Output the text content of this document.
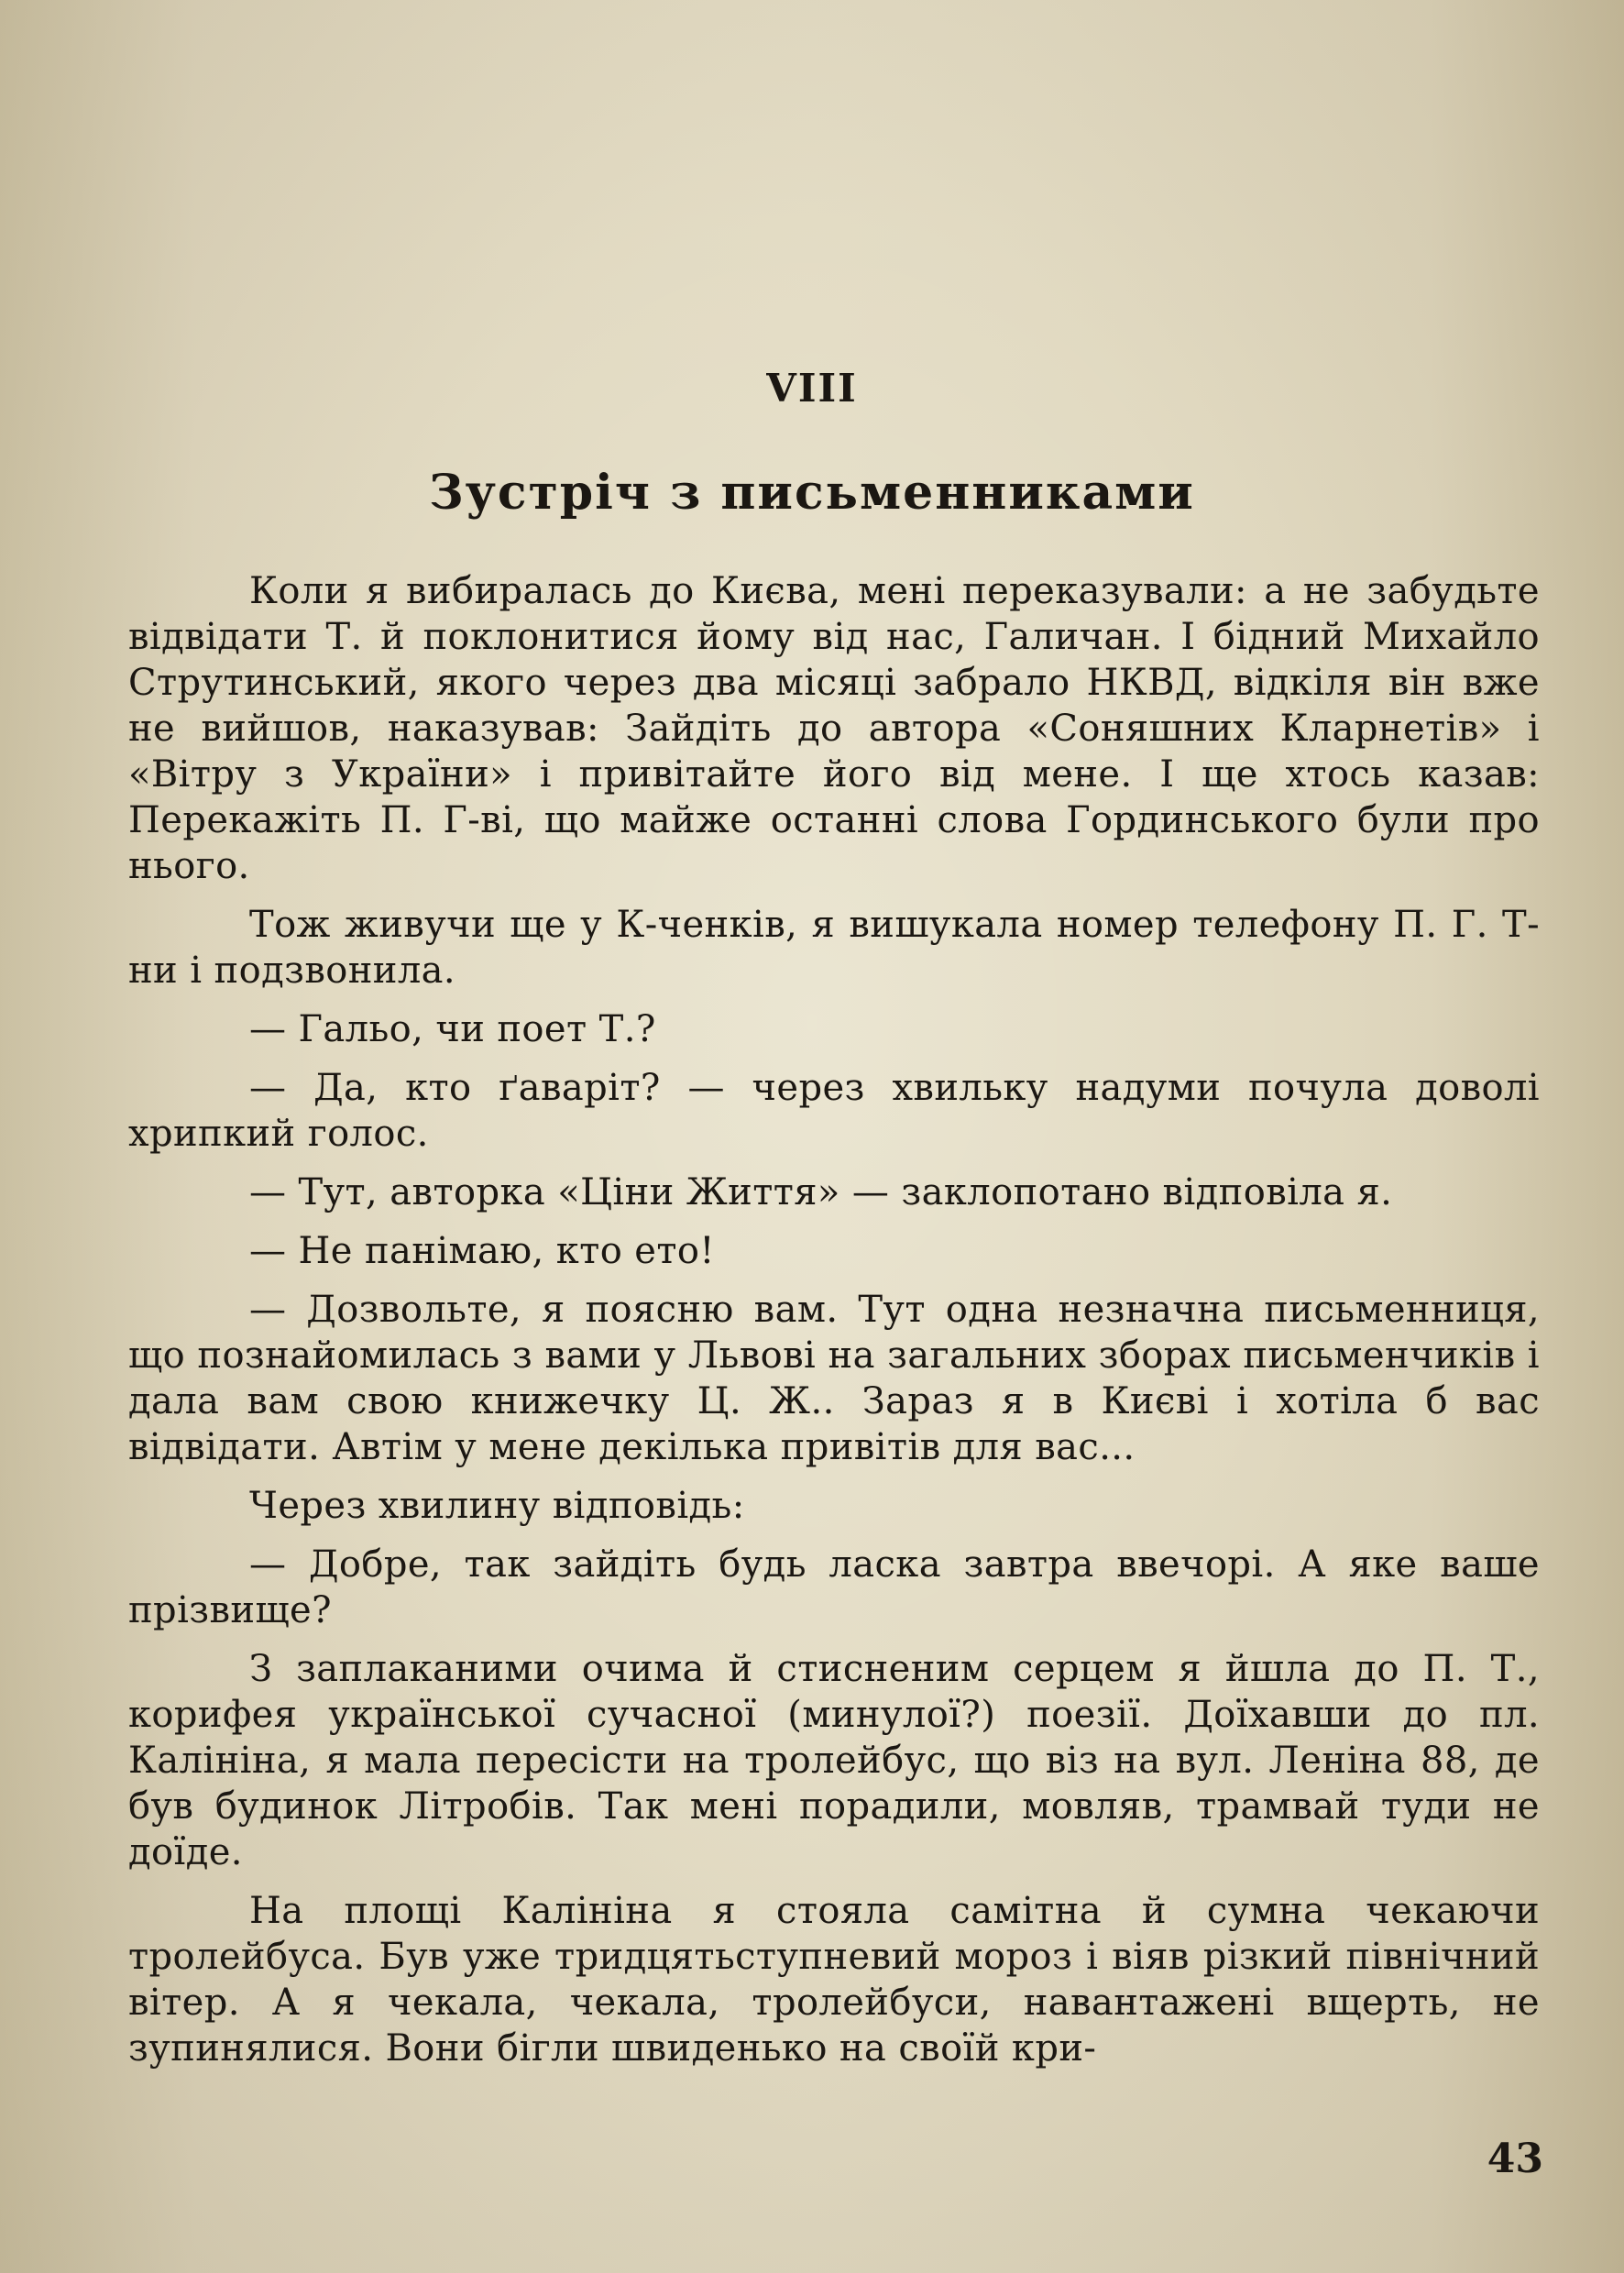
VIII
Зустріч з письменниками

Коли я вибиралась до Києва, мені переказували: а не забудьте відвідати Т. й поклонитися йому від нас, Галичан. І бідний Михайло Струтинський, якого через два місяці забрало НКВД, відкіля він вже не вийшов, наказував: Зайдіть до автора «Соняшних Кларнетів» і «Вітру з України» і привітайте його від мене. І ще хтось казав: Перекажіть П. Г-ві, що майже останні слова Гординського були про нього.

Тож живучи ще у К-ченків, я вишукала номер телефону П. Г. Т-ни і подзвонила.

— Гальо, чи поет Т.?

— Да, кто ґаваріт? — через хвильку надуми почула доволі хрипкий голос.

— Тут, авторка «Ціни Життя» — заклопотано відповіла я.

— Не панімаю, кто ето!

— Дозвольте, я поясню вам. Тут одна незначна письменниця, що познайомилась з вами у Львові на загальних зборах письменчиків і дала вам свою книжечку Ц. Ж.. Зараз я в Києві і хотіла б вас відвідати. Автім у мене декілька привітів для вас...

Через хвилину відповідь:

— Добре, так зайдіть будь ласка завтра ввечорі. А яке ваше прізвище?

З заплаканими очима й стисненим серцем я йшла до П. Т., корифея української сучасної (минулої?) поезії. Доїхавши до пл. Калініна, я мала пересісти на тролейбус, що віз на вул. Леніна 88, де був будинок Літробів. Так мені порадили, мовляв, трамвай туди не доїде.

На площі Калініна я стояла самітна й сумна чекаючи тролейбуса. Був уже тридцятьступневий мороз і віяв різкий північний вітер. А я чекала, чекала, тролейбуси, навантажені вщерть, не зупинялися. Вони бігли швиденько на своїй кри-

43
